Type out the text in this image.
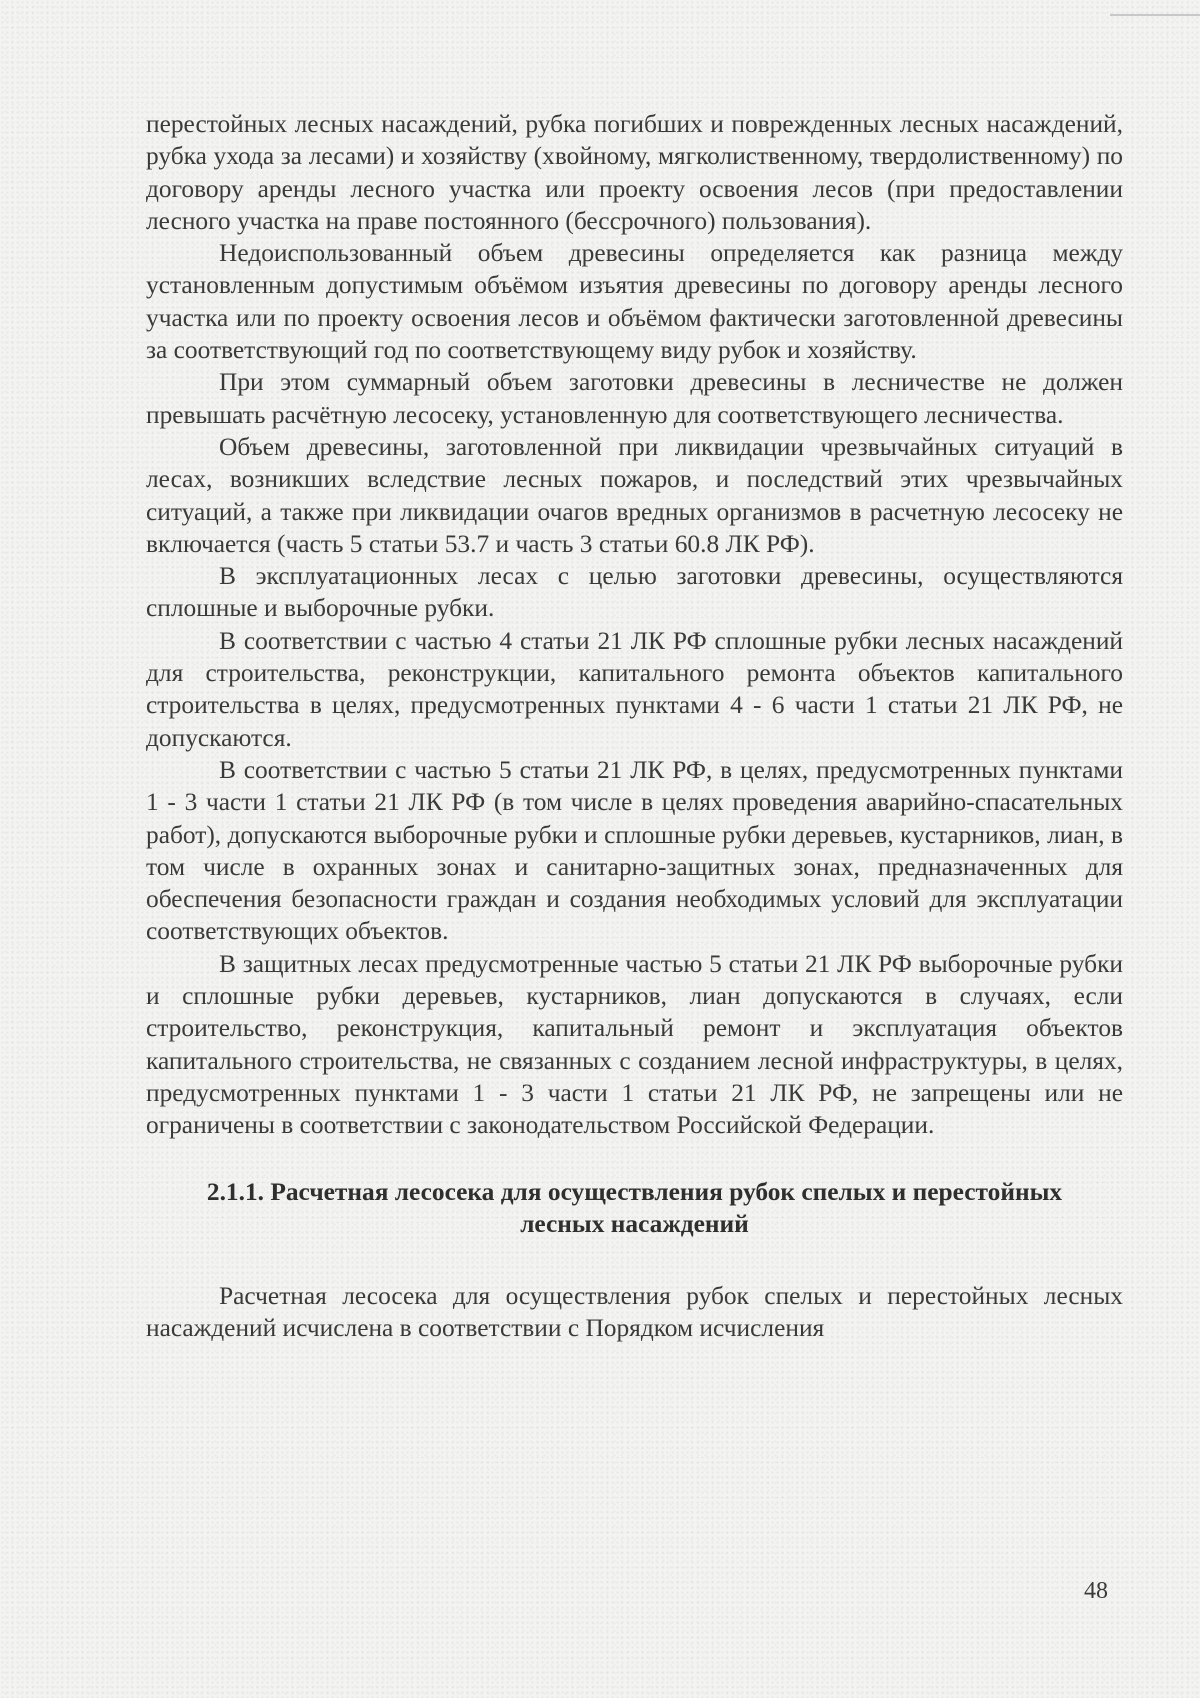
перестойных лесных насаждений, рубка погибших и поврежденных лесных насаждений, рубка ухода за лесами) и хозяйству (хвойному, мягколиственному, твердолиственному) по договору аренды лесного участка или проекту освоения лесов (при предоставлении лесного участка на праве постоянного (бессрочного) пользования).

Недоиспользованный объем древесины определяется как разница между установленным допустимым объёмом изъятия древесины по договору аренды лесного участка или по проекту освоения лесов и объёмом фактически заготовленной древесины за соответствующий год по соответствующему виду рубок и хозяйству.

При этом суммарный объем заготовки древесины в лесничестве не должен превышать расчётную лесосеку, установленную для соответствующего лесничества.

Объем древесины, заготовленной при ликвидации чрезвычайных ситуаций в лесах, возникших вследствие лесных пожаров, и последствий этих чрезвычайных ситуаций, а также при ликвидации очагов вредных организмов в расчетную лесосеку не включается (часть 5 статьи 53.7 и часть 3 статьи 60.8 ЛК РФ).

В эксплуатационных лесах с целью заготовки древесины, осуществляются сплошные и выборочные рубки.

В соответствии с частью 4 статьи 21 ЛК РФ сплошные рубки лесных насаждений для строительства, реконструкции, капитального ремонта объектов капитального строительства в целях, предусмотренных пунктами 4 - 6 части 1 статьи 21 ЛК РФ, не допускаются.

В соответствии с частью 5 статьи 21 ЛК РФ, в целях, предусмотренных пунктами 1 - 3 части 1 статьи 21 ЛК РФ (в том числе в целях проведения аварийно-спасательных работ), допускаются выборочные рубки и сплошные рубки деревьев, кустарников, лиан, в том числе в охранных зонах и санитарно-защитных зонах, предназначенных для обеспечения безопасности граждан и создания необходимых условий для эксплуатации соответствующих объектов.

В защитных лесах предусмотренные частью 5 статьи 21 ЛК РФ выборочные рубки и сплошные рубки деревьев, кустарников, лиан допускаются в случаях, если строительство, реконструкция, капитальный ремонт и эксплуатация объектов капитального строительства, не связанных с созданием лесной инфраструктуры, в целях, предусмотренных пунктами 1 - 3 части 1 статьи 21 ЛК РФ, не запрещены или не ограничены в соответствии с законодательством Российской Федерации.

2.1.1. Расчетная лесосека для осуществления рубок спелых и перестойных
лесных насаждений

Расчетная лесосека для осуществления рубок спелых и перестойных лесных насаждений исчислена в соответствии с Порядком исчисления

48
